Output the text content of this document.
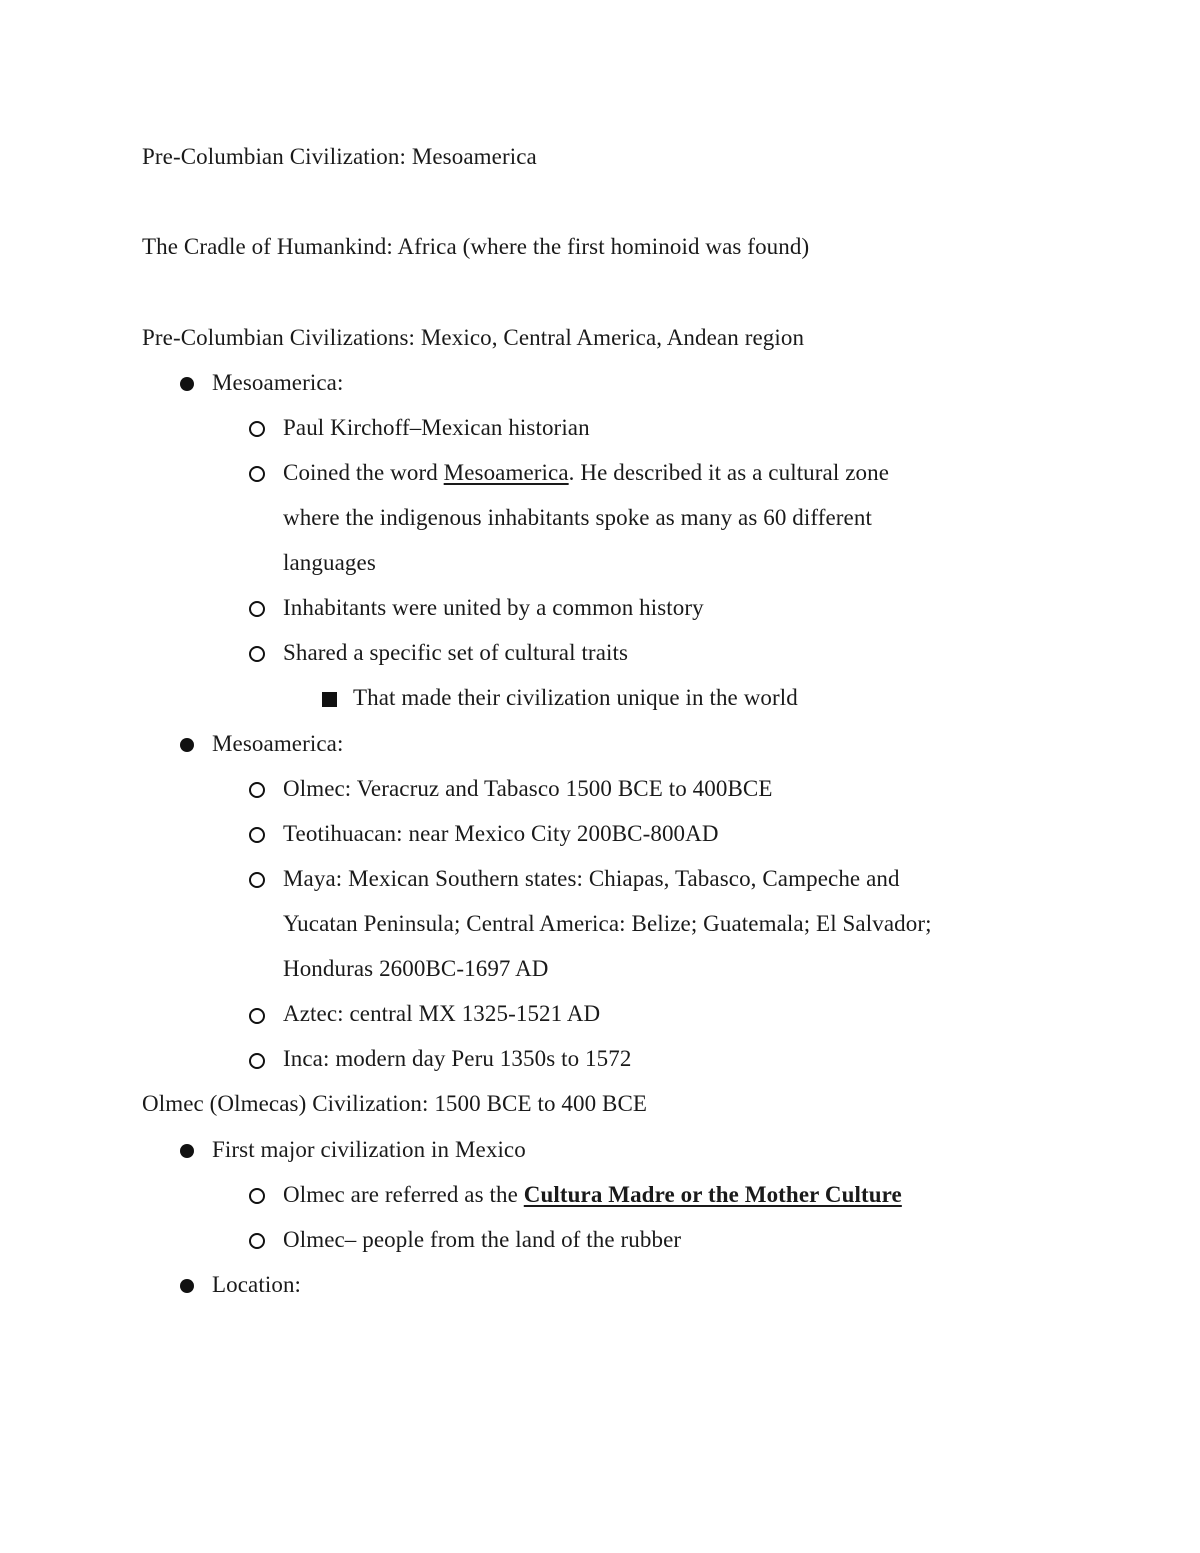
Pre-Columbian Civilization: Mesoamerica
The Cradle of Humankind: Africa (where the first hominoid was found)
Pre-Columbian Civilizations: Mexico, Central America, Andean region
Mesoamerica:
Paul Kirchoff–Mexican historian
Coined the word Mesoamerica. He described it as a cultural zone
where the indigenous inhabitants spoke as many as 60 different
languages
Inhabitants were united by a common history
Shared a specific set of cultural traits
That made their civilization unique in the world
Mesoamerica:
Olmec: Veracruz and Tabasco 1500 BCE to 400BCE
Teotihuacan: near Mexico City 200BC-800AD
Maya: Mexican Southern states: Chiapas, Tabasco, Campeche and
Yucatan Peninsula; Central America: Belize; Guatemala; El Salvador;
Honduras 2600BC-1697 AD
Aztec: central MX 1325-1521 AD
Inca: modern day Peru 1350s to 1572
Olmec (Olmecas) Civilization: 1500 BCE to 400 BCE
First major civilization in Mexico
Olmec are referred as the Cultura Madre or the Mother Culture
Olmec– people from the land of the rubber
Location:
